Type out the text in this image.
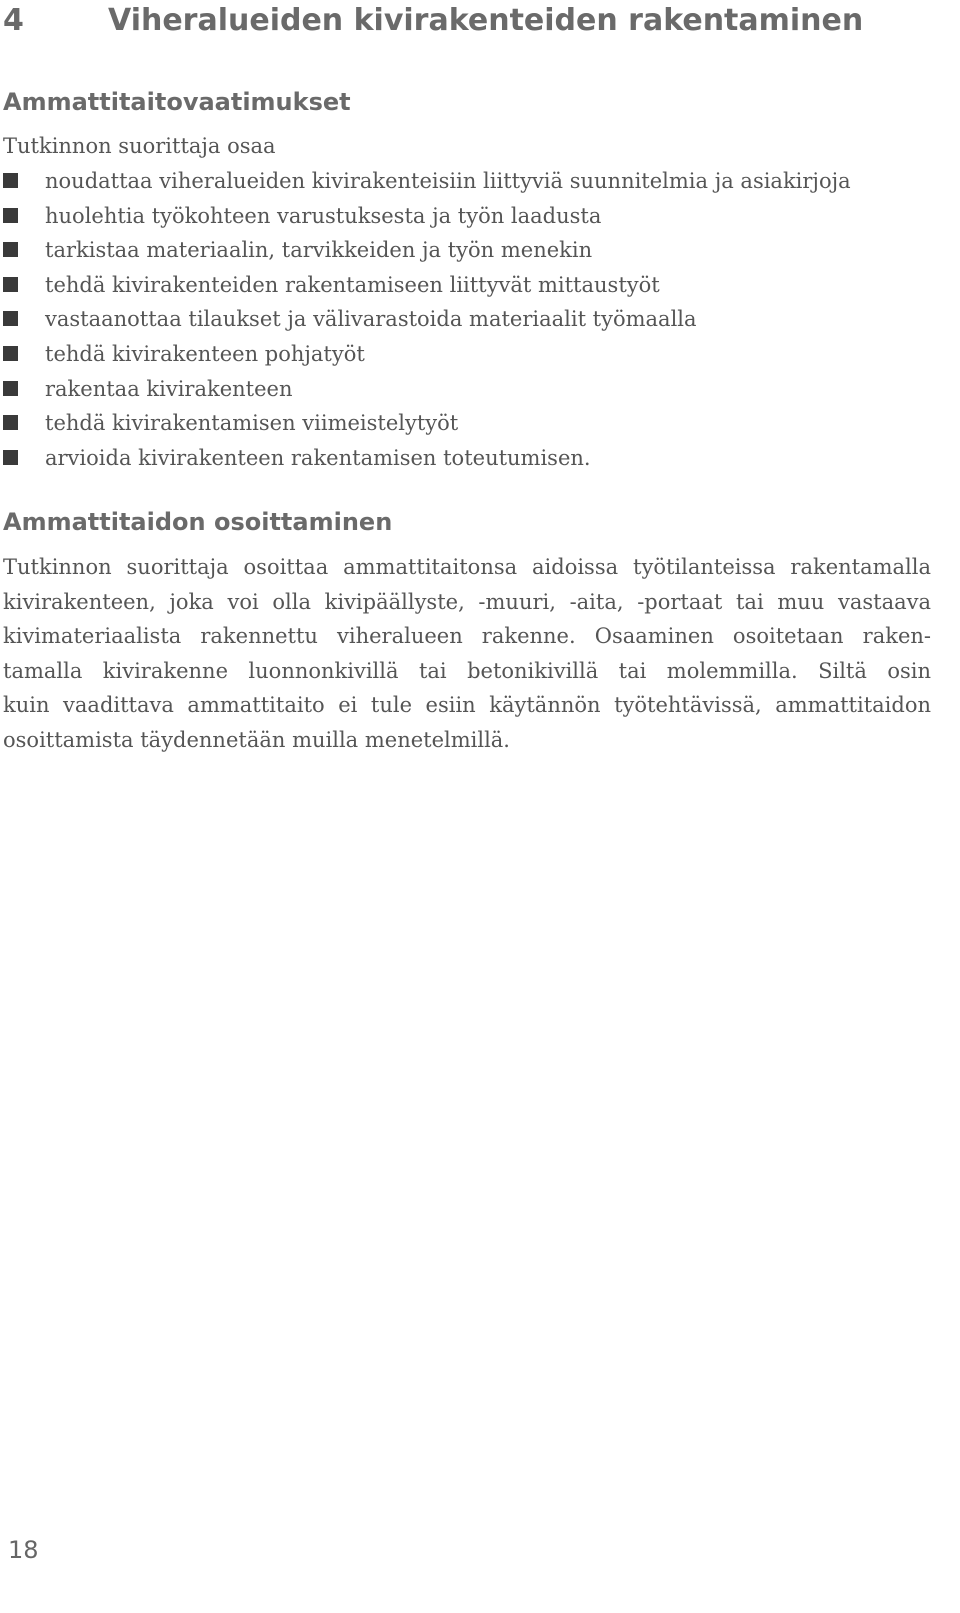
4	Viheralueiden kivirakenteiden rakentaminen
Ammattitaitovaatimukset
Tutkinnon suorittaja osaa
noudattaa viheralueiden kivirakenteisiin liittyviä suunnitelmia ja asiakirjoja
huolehtia työkohteen varustuksesta ja työn laadusta
tarkistaa materiaalin, tarvikkeiden ja työn menekin
tehdä kivirakenteiden rakentamiseen liittyvät mittaustyöt
vastaanottaa tilaukset ja välivarastoida materiaalit työmaalla
tehdä kivirakenteen pohjatyöt
rakentaa kivirakenteen
tehdä kivirakentamisen viimeistelytyöt
arvioida kivirakenteen rakentamisen toteutumisen.
Ammattitaidon osoittaminen
Tutkinnon suorittaja osoittaa ammattitaitonsa aidoissa työtilanteissa rakentamalla
kivirakenteen, joka voi olla kivipäällyste, -muuri, -aita, -portaat tai muu vastaava
kivimateriaalista rakennettu viheralueen rakenne. Osaaminen osoitetaan raken-
tamalla kivirakenne luonnonkivillä tai betonikivillä tai molemmilla. Siltä osin
kuin vaadittava ammattitaito ei tule esiin käytännön työtehtävissä, ammattitaidon
osoittamista täydennetään muilla menetelmillä.
18
